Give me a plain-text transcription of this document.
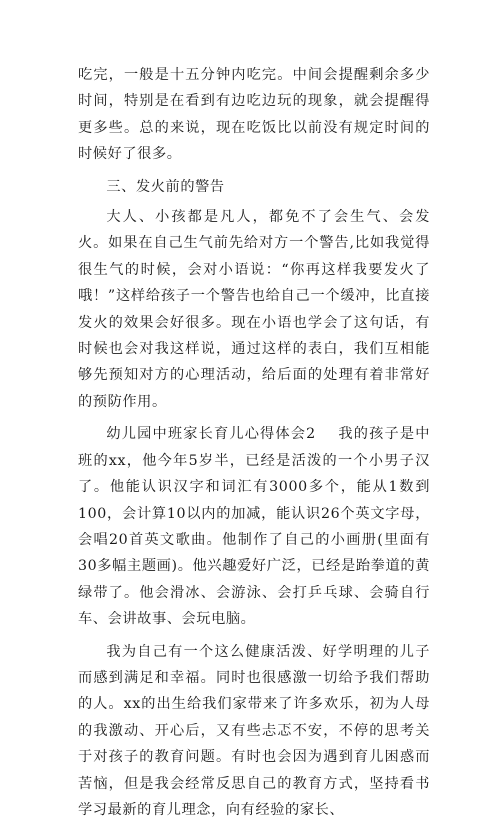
吃完，一般是十五分钟内吃完。中间会提醒剩余多少时间，特别是在看到有边吃边玩的现象，就会提醒得更多些。总的来说，现在吃饭比以前没有规定时间的时候好了很多。

三、发火前的警告

大人、小孩都是凡人，都免不了会生气、会发火。如果在自己生气前先给对方一个警告,比如我觉得很生气的时候，会对小语说：“你再这样我要发火了哦！”这样给孩子一个警告也给自己一个缓冲，比直接发火的效果会好很多。现在小语也学会了这句话，有时候也会对我这样说，通过这样的表白，我们互相能够先预知对方的心理活动，给后面的处理有着非常好的预防作用。

幼儿园中班家长育儿心得体会2 我的孩子是中班的xx，他今年5岁半，已经是活泼的一个小男子汉了。他能认识汉字和词汇有3000多个，能从1数到100，会计算10以内的加减，能认识26个英文字母，会唱20首英文歌曲。他制作了自己的小画册(里面有30多幅主题画)。他兴趣爱好广泛，已经是跆拳道的黄绿带了。他会滑冰、会游泳、会打乒乓球、会骑自行车、会讲故事、会玩电脑。

我为自己有一个这么健康活泼、好学明理的儿子而感到满足和幸福。同时也很感激一切给予我们帮助的人。xx的出生给我们家带来了许多欢乐，初为人母的我激动、开心后，又有些忐忑不安，不停的思考关于对孩子的教育问题。有时也会因为遇到育儿困惑而苦恼，但是我会经常反思自己的教育方式，坚持看书学习最新的育儿理念，向有经验的家长、
